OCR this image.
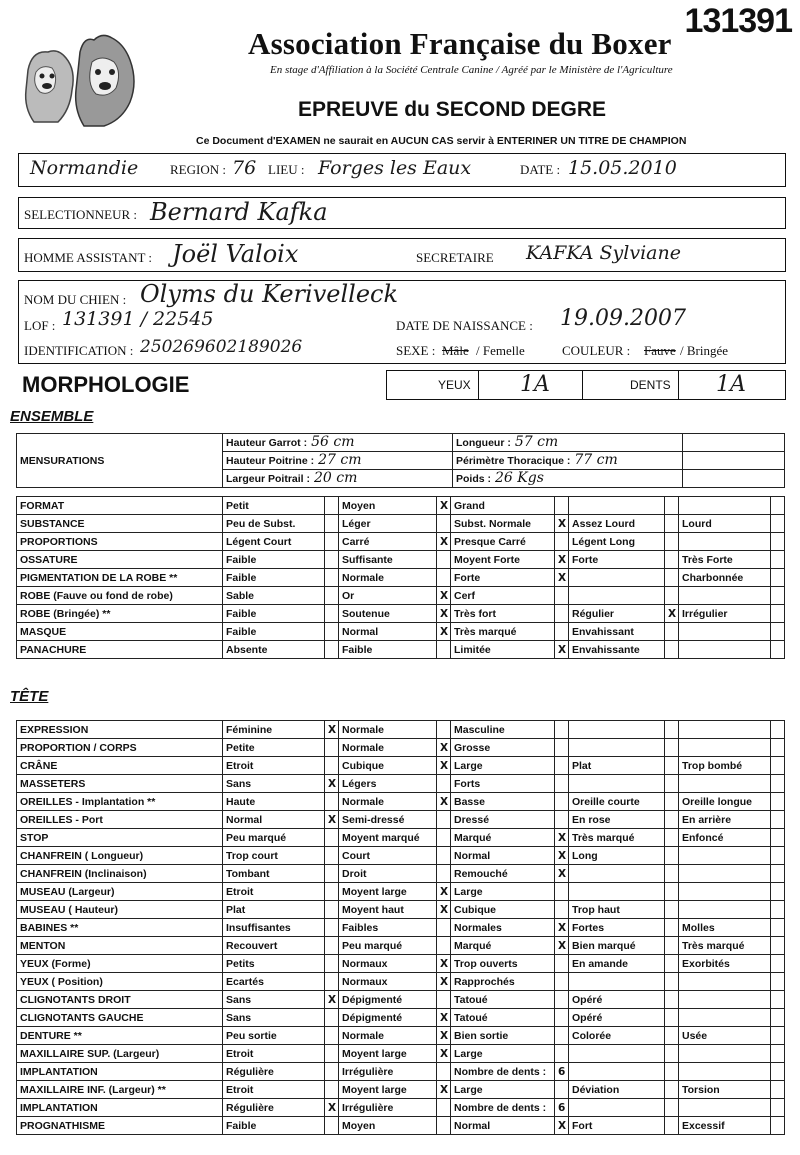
131391
Association Française du Boxer
En stage d'Affiliation à la Société Centrale Canine / Agréé par le Ministère de l'Agriculture
EPREUVE du SECOND DEGRE
Ce Document d'EXAMEN ne saurait en AUCUN CAS servir à ENTERINER UN TITRE DE CHAMPION
Normandie REGION : 76 LIEU : Forges les Eaux	DATE : 15.05.2010
SELECTIONNEUR : Bernard Kafka
HOMME ASSISTANT : Joël Valoix	SECRETAIRE KAFKA Sylviane
NOM DU CHIEN : Olyms du Kerivelleck
LOF : 131391 / 22545	DATE DE NAISSANCE : 19.09.2007
IDENTIFICATION : 250269602189026	SEXE : Mâle / Femelle	COULEUR : Fauve / Bringée
MORPHOLOGIE	YEUX 1A	DENTS 1A
ENSEMBLE
MENSURATIONS	Hauteur Garrot : 56 cm	Longueur : 57 cm	
	Hauteur Poitrine : 27 cm	Périmètre Thoracique : 77 cm	
	Largeur Poitrail : 20 cm	Poids : 26 Kgs	
FORMAT	Petit		Moyen	X	Grand					
SUBSTANCE	Peu de Subst.		Léger		Subst. Normale	X	Assez Lourd		Lourd	
PROPORTIONS	Légent Court		Carré	X	Presque Carré		Légent Long			
OSSATURE	Faible		Suffisante		Moyent Forte	X	Forte		Très Forte	
PIGMENTATION DE LA ROBE **	Faible		Normale		Forte	X			Charbonnée	
ROBE (Fauve ou fond de robe)	Sable		Or	X	Cerf					
ROBE (Bringée) **	Faible		Soutenue	X	Très fort		Régulier	X	Irrégulier	
MASQUE	Faible		Normal	X	Très marqué		Envahissant			
PANACHURE	Absente		Faible		Limitée	X	Envahissante			
TÊTE
EXPRESSION	Féminine	X	Normale		Masculine					
PROPORTION / CORPS	Petite		Normale	X	Grosse					
CRÂNE	Etroit		Cubique	X	Large		Plat		Trop bombé	
MASSETERS	Sans	X	Légers		Forts					
OREILLES - Implantation **	Haute		Normale	X	Basse		Oreille courte		Oreille longue	
OREILLES - Port	Normal	X	Semi-dressé		Dressé		En rose		En arrière	
STOP	Peu marqué		Moyent marqué		Marqué	X	Très marqué		Enfoncé	
CHANFREIN ( Longueur)	Trop court		Court		Normal	X	Long			
CHANFREIN (Inclinaison)	Tombant		Droit		Remouché	X				
MUSEAU (Largeur)	Etroit		Moyent large	X	Large					
MUSEAU ( Hauteur)	Plat		Moyent haut	X	Cubique		Trop haut			
BABINES **	Insuffisantes		Faibles		Normales	X	Fortes		Molles	
MENTON	Recouvert		Peu marqué		Marqué	X	Bien marqué		Très marqué	
YEUX (Forme)	Petits		Normaux	X	Trop ouverts		En amande		Exorbités	
YEUX ( Position)	Ecartés		Normaux	X	Rapprochés					
CLIGNOTANTS DROIT	Sans	X	Dépigmenté		Tatoué		Opéré			
CLIGNOTANTS GAUCHE	Sans		Dépigmenté	X	Tatoué		Opéré			
DENTURE **	Peu sortie		Normale	X	Bien sortie		Colorée		Usée	
MAXILLAIRE SUP. (Largeur)	Etroit		Moyent large	X	Large					
IMPLANTATION	Régulière		Irrégulière		Nombre de dents :	6				
MAXILLAIRE INF. (Largeur) **	Etroit		Moyent large	X	Large		Déviation		Torsion	
IMPLANTATION	Régulière	X	Irrégulière		Nombre de dents :	6				
PROGNATHISME	Faible		Moyen		Normal	X	Fort		Excessif	
